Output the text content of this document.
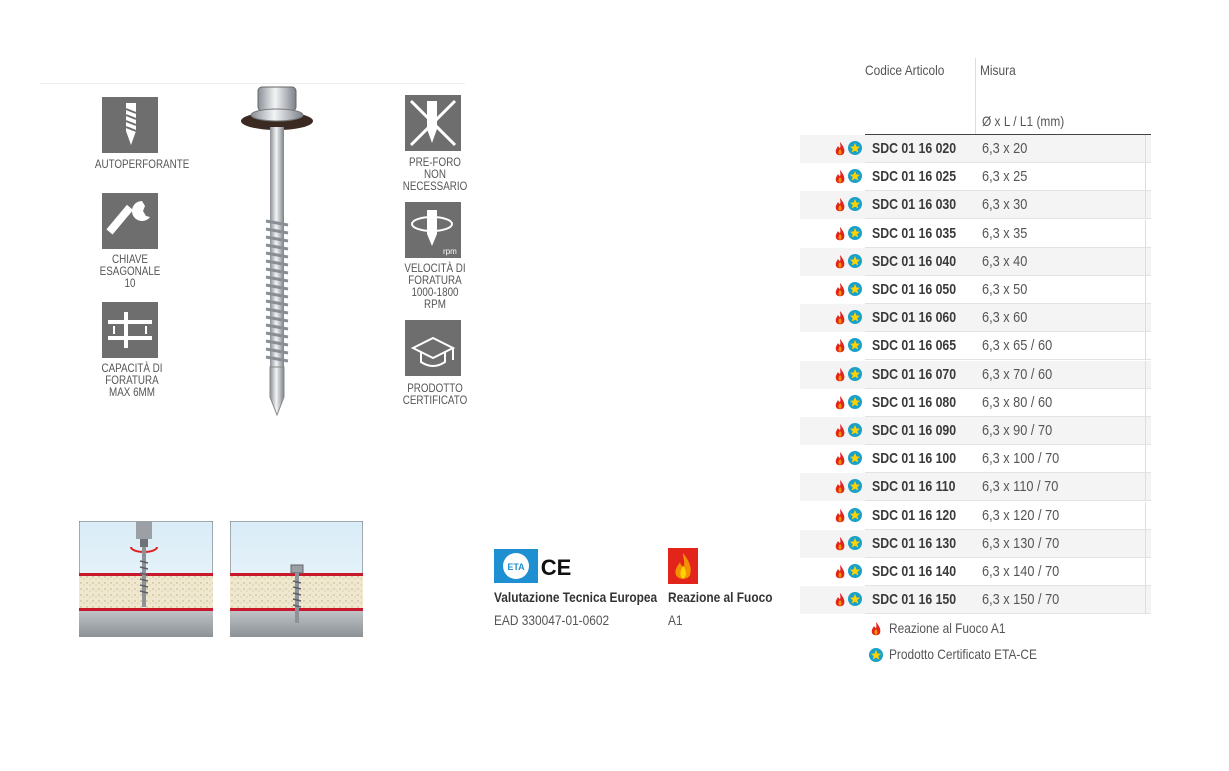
AUTOPERFORANTE
CHIAVE
ESAGONALE
10
CAPACITÀ DI
FORATURA
MAX 6MM
PRE-FORO
NON
NECESSARIO
rpm
VELOCITÀ DI
FORATURA
1000-1800
RPM
PRODOTTO
CERTIFICATO
ETA CE
Valutazione Tecnica Europea
EAD 330047-01-0602
Reazione al Fuoco
A1
Codice Articolo	Misura
Ø x L / L1 (mm)
SDC 01 16 020 6,3 x 20
SDC 01 16 025 6,3 x 25
SDC 01 16 030 6,3 x 30
SDC 01 16 035 6,3 x 35
SDC 01 16 040 6,3 x 40
SDC 01 16 050 6,3 x 50
SDC 01 16 060 6,3 x 60
SDC 01 16 065 6,3 x 65 / 60
SDC 01 16 070 6,3 x 70 / 60
SDC 01 16 080 6,3 x 80 / 60
SDC 01 16 090 6,3 x 90 / 70
SDC 01 16 100 6,3 x 100 / 70
SDC 01 16 110 6,3 x 110 / 70
SDC 01 16 120 6,3 x 120 / 70
SDC 01 16 130 6,3 x 130 / 70
SDC 01 16 140 6,3 x 140 / 70
SDC 01 16 150 6,3 x 150 / 70
Reazione al Fuoco A1
Prodotto Certificato ETA-CE
